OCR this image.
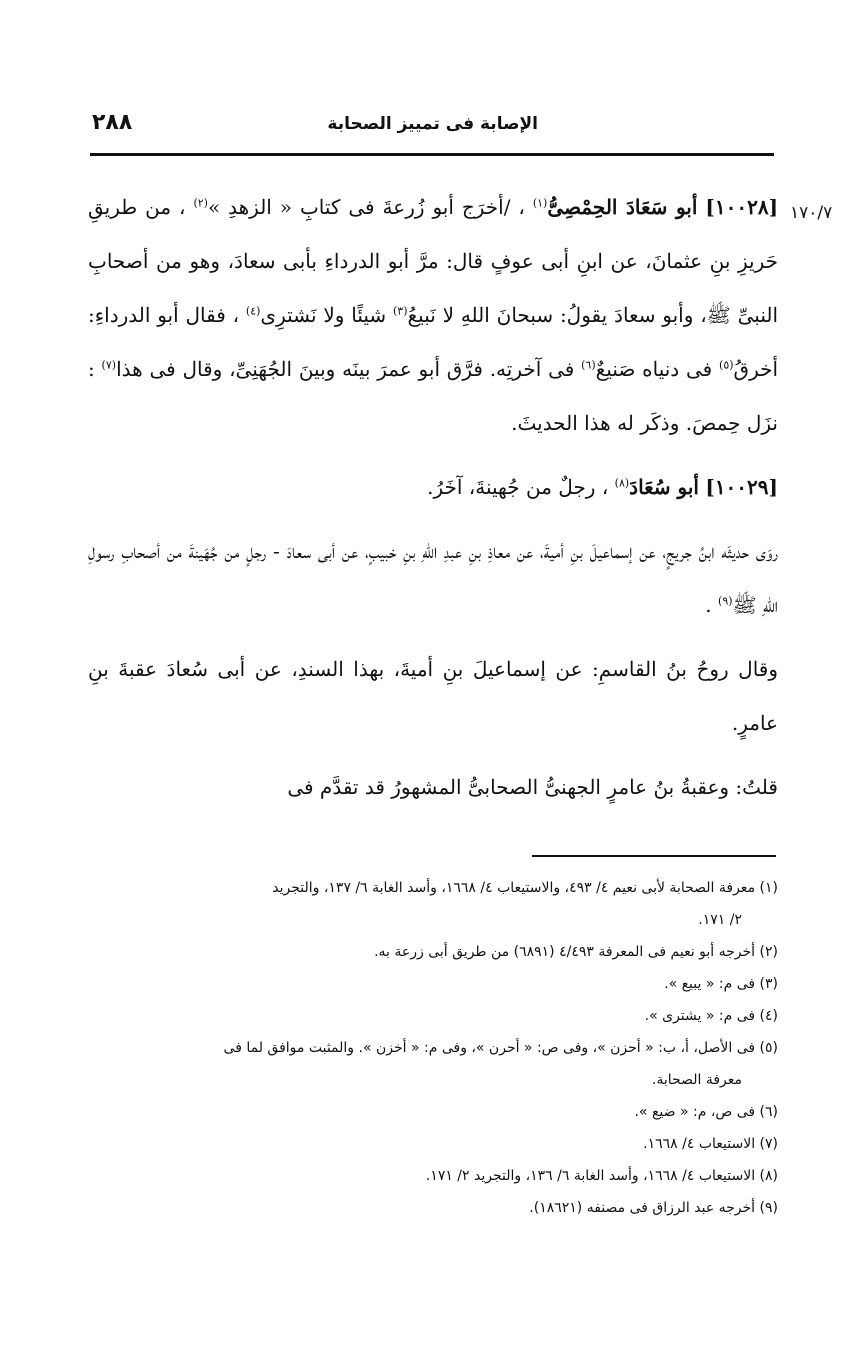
الإصابة فى تمييز الصحابة
٢٨٨
١٧٠/٧

[١٠٠٢٨] أبو سَعَادَ الحِمْصِىُّ$^{(١)}$ ، /أخرَج أبو زُرعةَ فى كتابِ « الزهدِ »$^{(٢)}$ ، من طريقِ حَريزِ بنِ عثمانَ، عن ابنِ أبى عوفٍ قال: مرَّ أبو الدرداءِ بأبى سعادَ، وهو من أصحابِ النبىِّ ﷺ، وأبو سعادَ يقولُ: سبحانَ اللهِ لا نَبيعُ$^{(٣)}$ شيئًا ولا نَشترِى$^{(٤)}$ ، فقال أبو الدرداءِ: أخرقُ$^{(٥)}$ فى دنياه صَنيعٌ$^{(٦)}$ فى آخرتِه. فرَّق أبو عمرَ بينَه وبينَ الجُهَنِىِّ، وقال فى هذا$^{(٧)}$ : نزَل حِمصَ. وذكَر له هذا الحديثَ.

[١٠٠٢٩] أبو سُعَادَ$^{(٨)}$ ، رجلٌ من جُهينةَ، آخَرُ.

روَى حديثَه ابنُ جريجٍ، عن إسماعيلَ بنِ أميةَ، عن معاذِ بنِ عبدِ اللهِ بنِ خبيبٍ، عن أبى سعادَ - رجلٍ من جُهَينةَ من أصحابِ رسولِ اللهِ ﷺ$^{(٩)}$ .

وقال روحُ بنُ القاسمِ: عن إسماعيلَ بنِ أميةَ، بهذا السندِ، عن أبى سُعادَ عقبةَ بنِ عامرٍ.

قلتُ: وعقبةُ بنُ عامرٍ الجهنىُّ الصحابىُّ المشهورُ قد تقدَّم فى

(١) معرفة الصحابة لأبى نعيم ٤/ ٤٩٣، والاستيعاب ٤/ ١٦٦٨، وأسد الغابة ٦/ ١٣٧، والتجريد
٢/ ١٧١.
(٢) أخرجه أبو نعيم فى المعرفة ٤/٤٩٣ (٦٨٩١) من طريق أبى زرعة به.
(٣) فى م: « يبيع ».
(٤) فى م: « يشترى ».
(٥) فى الأصل، أ، ب: « أحزن »، وفى ص: « أحرن »، وفى م: « أخزن ». والمثبت موافق لما فى
معرفة الصحابة.
(٦) فى ص، م: « ضيع ».
(٧) الاستيعاب ٤/ ١٦٦٨.
(٨) الاستيعاب ٤/ ١٦٦٨، وأسد الغابة ٦/ ١٣٦، والتجريد ٢/ ١٧١.
(٩) أخرجه عبد الرزاق فى مصنفه (١٨٦٢١).
